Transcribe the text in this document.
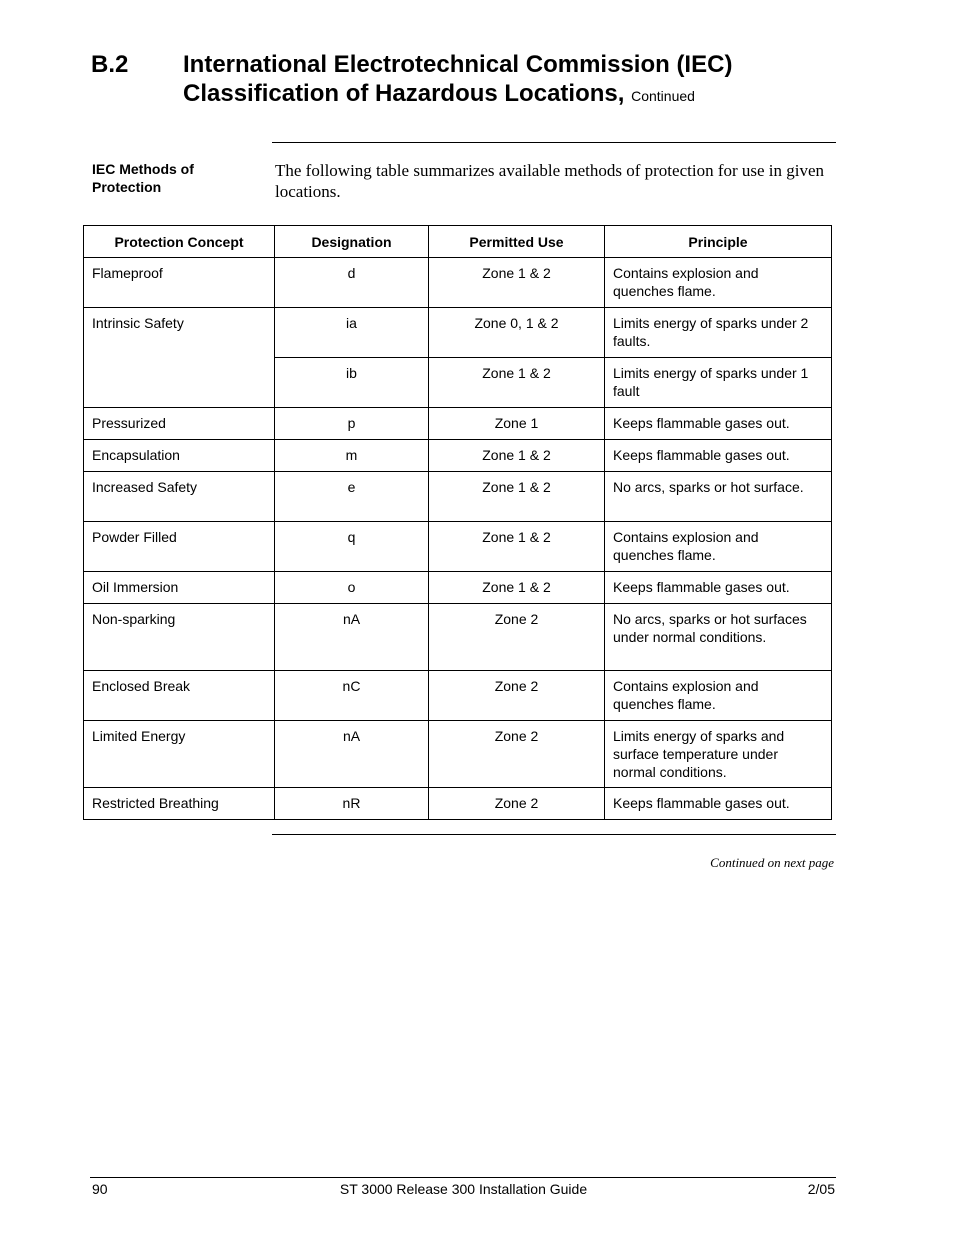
B.2 International Electrotechnical Commission (IEC)
Classification of Hazardous Locations, Continued
IEC Methods of Protection
The following table summarizes available methods of protection for use in given locations.
Protection Concept	Designation	Permitted Use	Principle
Flameproof	d	Zone 1 & 2	Contains explosion and quenches flame.
Intrinsic Safety	ia	Zone 0, 1 & 2	Limits energy of sparks under 2 faults.
	ib	Zone 1 & 2	Limits energy of sparks under 1 fault
Pressurized	p	Zone 1	Keeps flammable gases out.
Encapsulation	m	Zone 1 & 2	Keeps flammable gases out.
Increased Safety	e	Zone 1 & 2	No arcs, sparks or hot surface.
Powder Filled	q	Zone 1 & 2	Contains explosion and quenches flame.
Oil Immersion	o	Zone 1 & 2	Keeps flammable gases out.
Non-sparking	nA	Zone 2	No arcs, sparks or hot surfaces under normal conditions.
Enclosed Break	nC	Zone 2	Contains explosion and quenches flame.
Limited Energy	nA	Zone 2	Limits energy of sparks and surface temperature under normal conditions.
Restricted Breathing	nR	Zone 2	Keeps flammable gases out.
Continued on next page
90	ST 3000 Release 300 Installation Guide	2/05
